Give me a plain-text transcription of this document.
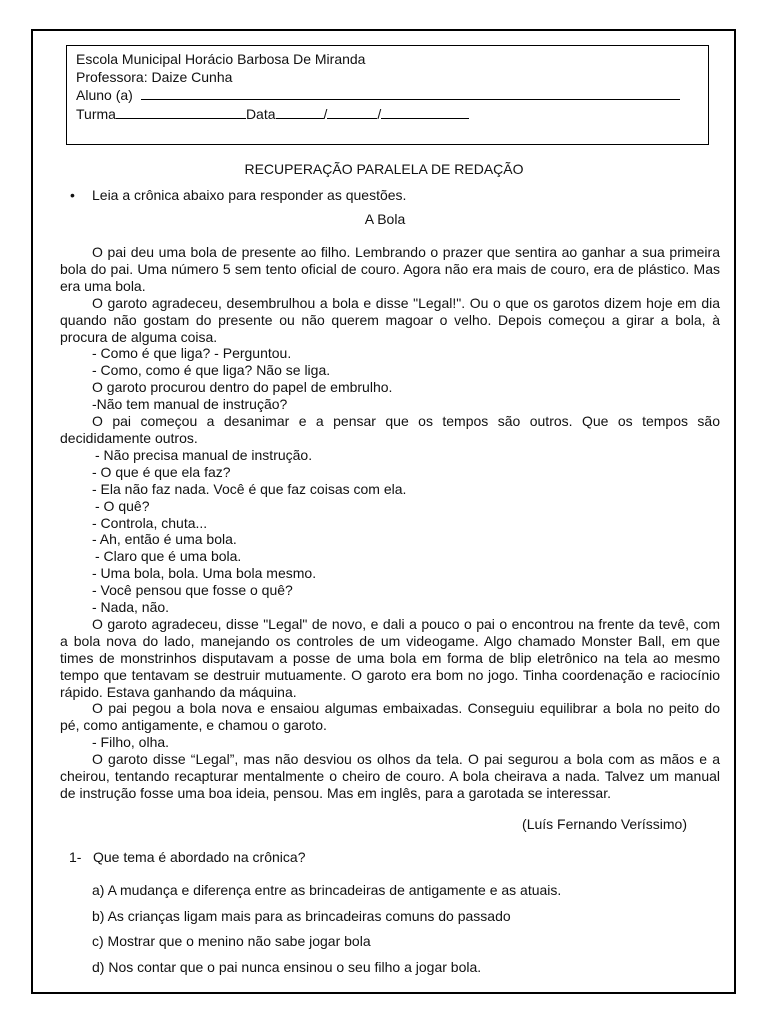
Escola Municipal Horácio Barbosa De Miranda
Professora: Daize Cunha
Aluno (a)
Turma	Data	/	/
RECUPERAÇÃO PARALELA DE REDAÇÃO
• Leia a crônica abaixo para responder as questões.
A Bola

O pai deu uma bola de presente ao filho. Lembrando o prazer que sentira ao ganhar a sua primeira bola do pai. Uma número 5 sem tento oficial de couro. Agora não era mais de couro, era de plástico. Mas era uma bola.

O garoto agradeceu, desembrulhou a bola e disse "Legal!". Ou o que os garotos dizem hoje em dia quando não gostam do presente ou não querem magoar o velho. Depois começou a girar a bola, à procura de alguma coisa.

- Como é que liga? - Perguntou.

- Como, como é que liga? Não se liga.

O garoto procurou dentro do papel de embrulho.

-Não tem manual de instrução?

O pai começou a desanimar e a pensar que os tempos são outros. Que os tempos são decididamente outros.

- Não precisa manual de instrução.

- O que é que ela faz?

- Ela não faz nada. Você é que faz coisas com ela.

- O quê?

- Controla, chuta...

- Ah, então é uma bola.

- Claro que é uma bola.

- Uma bola, bola. Uma bola mesmo.

- Você pensou que fosse o quê?

- Nada, não.

O garoto agradeceu, disse "Legal" de novo, e dali a pouco o pai o encontrou na frente da tevê, com a bola nova do lado, manejando os controles de um videogame. Algo chamado Monster Ball, em que times de monstrinhos disputavam a posse de uma bola em forma de blip eletrônico na tela ao mesmo tempo que tentavam se destruir mutuamente. O garoto era bom no jogo. Tinha coordenação e raciocínio rápido. Estava ganhando da máquina.

O pai pegou a bola nova e ensaiou algumas embaixadas. Conseguiu equilibrar a bola no peito do pé, como antigamente, e chamou o garoto.

- Filho, olha.

O garoto disse “Legal”, mas não desviou os olhos da tela. O pai segurou a bola com as mãos e a cheirou, tentando recapturar mentalmente o cheiro de couro. A bola cheirava a nada. Talvez um manual de instrução fosse uma boa ideia, pensou. Mas em inglês, para a garotada se interessar.

(Luís Fernando Veríssimo)
1- Que tema é abordado na crônica?
a) A mudança e diferença entre as brincadeiras de antigamente e as atuais.
b) As crianças ligam mais para as brincadeiras comuns do passado
c) Mostrar que o menino não sabe jogar bola
d) Nos contar que o pai nunca ensinou o seu filho a jogar bola.
